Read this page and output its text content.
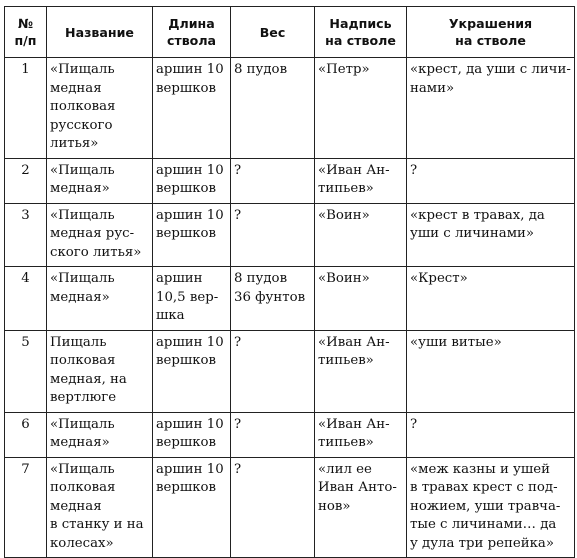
№
п/п	Название	Длина
ствола	Вес	Надпись
на стволе	Украшения
на стволе

1	«Пищаль
медная
полковая
русского
литья»	аршин 10
вершков	8 пудов	«Петр»	«крест, да уши с личи-
нами»

2	«Пищаль
медная»	аршин 10
вершков	?	«Иван Ан-
типьев»	?

3	«Пищаль
медная рус-
ского литья»	аршин 10
вершков	?	«Воин»	«крест в травах, да
уши с личинами»

4	«Пищаль
медная»	аршин
10,5 вер-
шка	8 пудов
36 фунтов	«Воин»	«Крест»

5	Пищаль
полковая
медная, на
вертлюге	аршин 10
вершков	?	«Иван Ан-
типьев»	«уши витые»

6	«Пищаль
медная»	аршин 10
вершков	?	«Иван Ан-
типьев»	?

7	«Пищаль
полковая
медная
в станку и на
колесах»	аршин 10
вершков	?	«лил ее
Иван Анто-
нов»	«меж казны и ушей
в травах крест с под-
ножием, уши травча-
тые с личинами… да
у дула три репейка»
